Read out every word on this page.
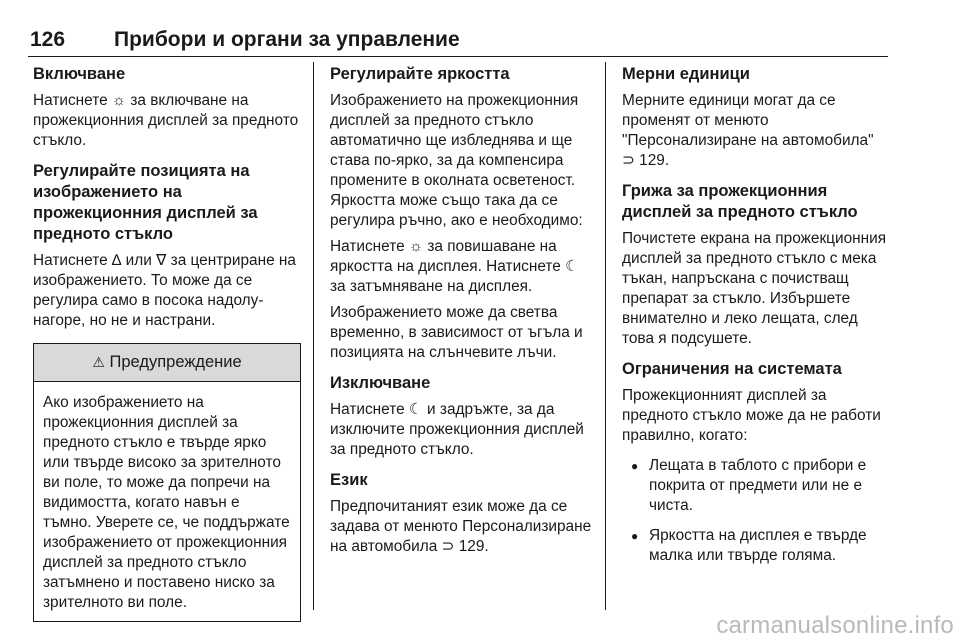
126 Прибори и органи за управление
Включване

Натиснете ☼ за включване на прожекционния дисплей за предното стъкло.

Регулирайте позицията на изображението на прожекционния дисплей за предното стъкло

Натиснете ∆ или ∇ за центриране на изображението. То може да се регулира само в посока надолу-нагоре, но не и настрани.

⚠ Предупреждение

Ако изображението на прожекционния дисплей за предното стъкло е твърде ярко или твърде високо за зрителното ви поле, то може да попречи на видимостта, когато навън е тъмно. Уверете се, че поддържате изображението от прожекционния дисплей за предното стъкло затъмнено и поставено ниско за зрителното ви поле.

Регулирайте яркостта

Изображението на прожекционния дисплей за предното стъкло автоматично ще избледнява и ще става по-ярко, за да компенсира промените в околната осветеност. Яркостта може също така да се регулира ръчно, ако е необходимо:

Натиснете ☼ за повишаване на яркостта на дисплея. Натиснете ☾ за затъмняване на дисплея.

Изображението може да светва временно, в зависимост от ъгъла и позицията на слънчевите лъчи.

Изключване

Натиснете ☾ и задръжте, за да изключите прожекционния дисплей за предното стъкло.

Език

Предпочитаният език може да се задава от менюто Персонализиране на автомобила ⊃ 129.

Мерни единици

Мерните единици могат да се променят от менюто "Персонализиране на автомобила" ⊃ 129.

Грижа за прожекционния дисплей за предното стъкло

Почистете екрана на прожекционния дисплей за предното стъкло с мека тъкан, напръскана с почистващ препарат за стъкло. Избършете внимателно и леко лещата, след това я подсушете.

Ограничения на системата

Прожекционният дисплей за предното стъкло може да не работи правилно, когато:

● Лещата в таблото с прибори е покрита от предмети или не е чиста.
● Яркостта на дисплея е твърде малка или твърде голяма.
carmanualsonline.info
